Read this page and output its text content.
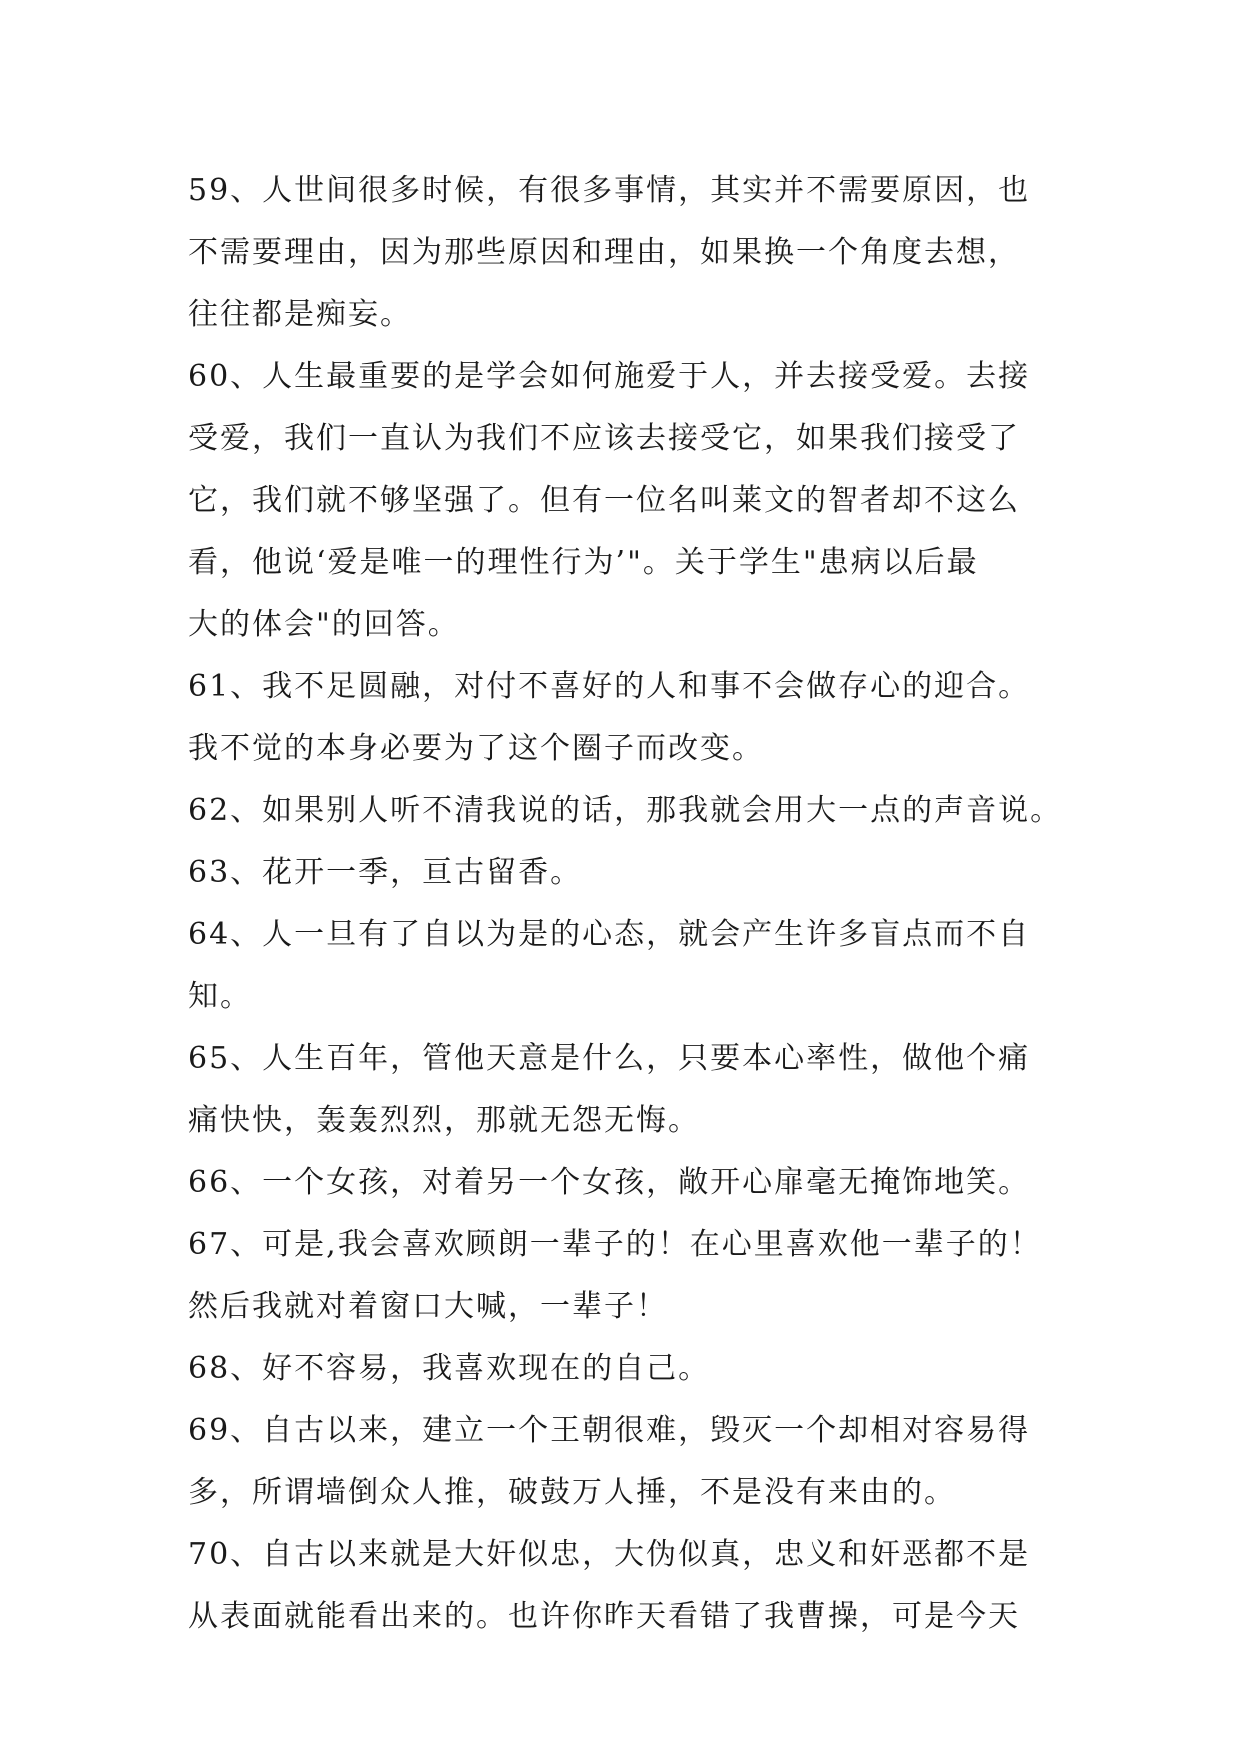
59、人世间很多时候，有很多事情，其实并不需要原因，也
不需要理由，因为那些原因和理由，如果换一个角度去想，
往往都是痴妄。
60、人生最重要的是学会如何施爱于人，并去接受爱。去接
受爱，我们一直认为我们不应该去接受它，如果我们接受了
它，我们就不够坚强了。但有一位名叫莱文的智者却不这么
看，他说‘爱是唯一的理性行为’"。关于学生"患病以后最
大的体会"的回答。
61、我不足圆融，对付不喜好的人和事不会做存心的迎合。
我不觉的本身必要为了这个圈子而改变。
62、如果别人听不清我说的话，那我就会用大一点的声音说。
63、花开一季，亘古留香。
64、人一旦有了自以为是的心态，就会产生许多盲点而不自
知。
65、人生百年，管他天意是什么，只要本心率性，做他个痛
痛快快，轰轰烈烈，那就无怨无悔。
66、一个女孩，对着另一个女孩，敞开心扉毫无掩饰地笑。
67、可是,我会喜欢顾朗一辈子的！在心里喜欢他一辈子的！
然后我就对着窗口大喊，一辈子！
68、好不容易，我喜欢现在的自己。
69、自古以来，建立一个王朝很难，毁灭一个却相对容易得
多，所谓墙倒众人推，破鼓万人捶，不是没有来由的。
70、自古以来就是大奸似忠，大伪似真，忠义和奸恶都不是
从表面就能看出来的。也许你昨天看错了我曹操，可是今天
